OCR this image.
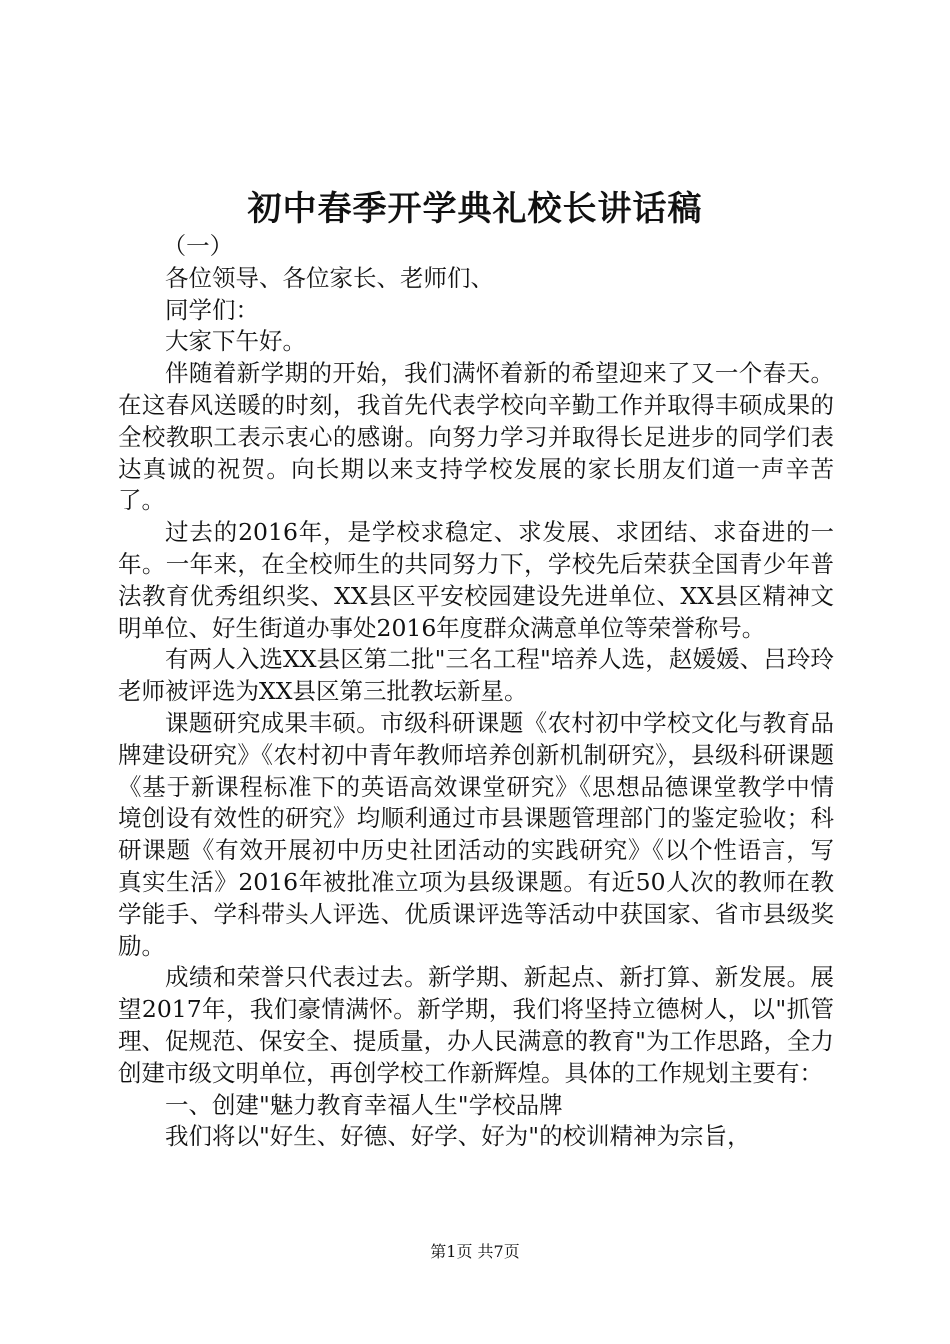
初中春季开学典礼校长讲话稿

（一）

各位领导、各位家长、老师们、

同学们：

大家下午好。

伴随着新学期的开始，我们满怀着新的希望迎来了又一个春天。在这春风送暖的时刻，我首先代表学校向辛勤工作并取得丰硕成果的全校教职工表示衷心的感谢。向努力学习并取得长足进步的同学们表达真诚的祝贺。向长期以来支持学校发展的家长朋友们道一声辛苦了。

过去的2016年，是学校求稳定、求发展、求团结、求奋进的一年。一年来，在全校师生的共同努力下，学校先后荣获全国青少年普法教育优秀组织奖、XX县区平安校园建设先进单位、XX县区精神文明单位、好生街道办事处2016年度群众满意单位等荣誉称号。

有两人入选XX县区第二批"三名工程"培养人选，赵媛媛、吕玲玲老师被评选为XX县区第三批教坛新星。

课题研究成果丰硕。市级科研课题《农村初中学校文化与教育品牌建设研究》《农村初中青年教师培养创新机制研究》，县级科研课题《基于新课程标准下的英语高效课堂研究》《思想品德课堂教学中情境创设有效性的研究》均顺利通过市县课题管理部门的鉴定验收；科研课题《有效开展初中历史社团活动的实践研究》《以个性语言，写真实生活》2016年被批准立项为县级课题。有近50人次的教师在教学能手、学科带头人评选、优质课评选等活动中获国家、省市县级奖励。

成绩和荣誉只代表过去。新学期、新起点、新打算、新发展。展望2017年，我们豪情满怀。新学期，我们将坚持立德树人，以"抓管理、促规范、保安全、提质量，办人民满意的教育"为工作思路，全力创建市级文明单位，再创学校工作新辉煌。具体的工作规划主要有：

一、创建"魅力教育幸福人生"学校品牌

我们将以"好生、好德、好学、好为"的校训精神为宗旨，

第1页 共7页
